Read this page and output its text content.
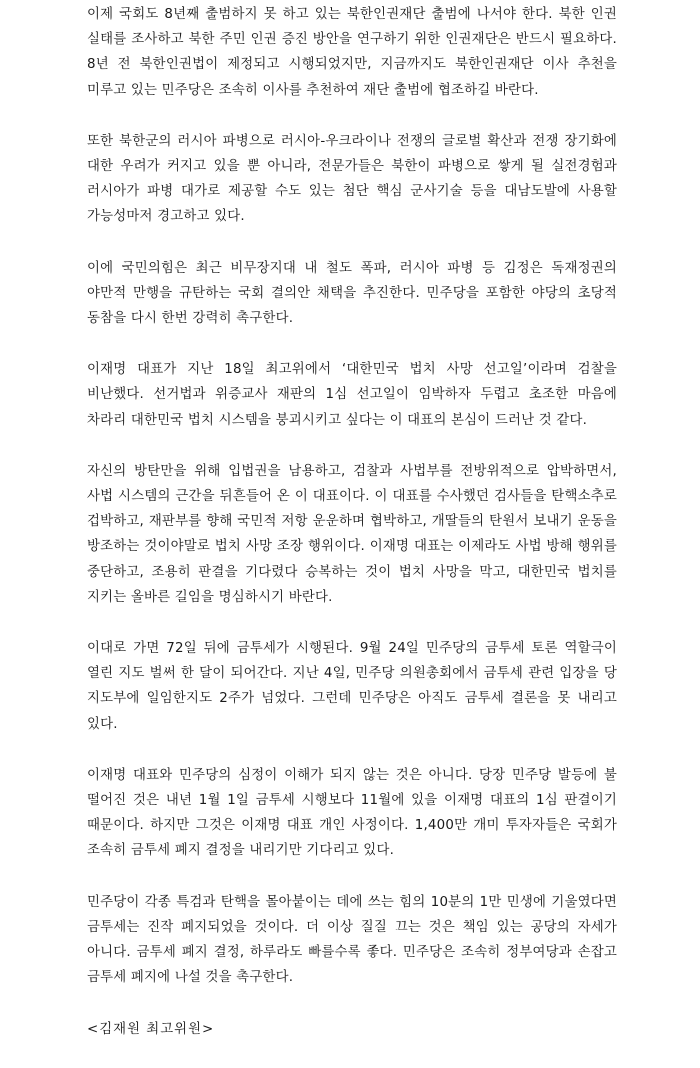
이제 국회도 8년째 출범하지 못 하고 있는 북한인권재단 출범에 나서야 한다. 북한 인권 실태를 조사하고 북한 주민 인권 증진 방안을 연구하기 위한 인권재단은 반드시 필요하다. 8년 전 북한인권법이 제정되고 시행되었지만, 지금까지도 북한인권재단 이사 추천을 미루고 있는 민주당은 조속히 이사를 추천하여 재단 출범에 협조하길 바란다.

또한 북한군의 러시아 파병으로 러시아-우크라이나 전쟁의 글로벌 확산과 전쟁 장기화에 대한 우려가 커지고 있을 뿐 아니라, 전문가들은 북한이 파병으로 쌓게 될 실전경험과 러시아가 파병 대가로 제공할 수도 있는 첨단 핵심 군사기술 등을 대남도발에 사용할 가능성마저 경고하고 있다.

이에 국민의힘은 최근 비무장지대 내 철도 폭파, 러시아 파병 등 김정은 독재정권의 야만적 만행을 규탄하는 국회 결의안 채택을 추진한다. 민주당을 포함한 야당의 초당적 동참을 다시 한번 강력히 촉구한다.

이재명 대표가 지난 18일 최고위에서 ‘대한민국 법치 사망 선고일’이라며 검찰을 비난했다. 선거법과 위증교사 재판의 1심 선고일이 임박하자 두렵고 초조한 마음에 차라리 대한민국 법치 시스템을 붕괴시키고 싶다는 이 대표의 본심이 드러난 것 같다.

자신의 방탄만을 위해 입법권을 남용하고, 검찰과 사법부를 전방위적으로 압박하면서, 사법 시스템의 근간을 뒤흔들어 온 이 대표이다. 이 대표를 수사했던 검사들을 탄핵소추로 겁박하고, 재판부를 향해 국민적 저항 운운하며 협박하고, 개딸들의 탄원서 보내기 운동을 방조하는 것이야말로 법치 사망 조장 행위이다. 이재명 대표는 이제라도 사법 방해 행위를 중단하고, 조용히 판결을 기다렸다 승복하는 것이 법치 사망을 막고, 대한민국 법치를 지키는 올바른 길임을 명심하시기 바란다.

이대로 가면 72일 뒤에 금투세가 시행된다. 9월 24일 민주당의 금투세 토론 역할극이 열린 지도 벌써 한 달이 되어간다. 지난 4일, 민주당 의원총회에서 금투세 관련 입장을 당 지도부에 일임한지도 2주가 넘었다. 그런데 민주당은 아직도 금투세 결론을 못 내리고 있다.

이재명 대표와 민주당의 심정이 이해가 되지 않는 것은 아니다. 당장 민주당 발등에 불 떨어진 것은 내년 1월 1일 금투세 시행보다 11월에 있을 이재명 대표의 1심 판결이기 때문이다. 하지만 그것은 이재명 대표 개인 사정이다. 1,400만 개미 투자자들은 국회가 조속히 금투세 폐지 결정을 내리기만 기다리고 있다.

민주당이 각종 특검과 탄핵을 몰아붙이는 데에 쓰는 힘의 10분의 1만 민생에 기울였다면 금투세는 진작 폐지되었을 것이다. 더 이상 질질 끄는 것은 책임 있는 공당의 자세가 아니다. 금투세 폐지 결정, 하루라도 빠를수록 좋다. 민주당은 조속히 정부여당과 손잡고 금투세 폐지에 나설 것을 촉구한다.

<김재원 최고위원>
